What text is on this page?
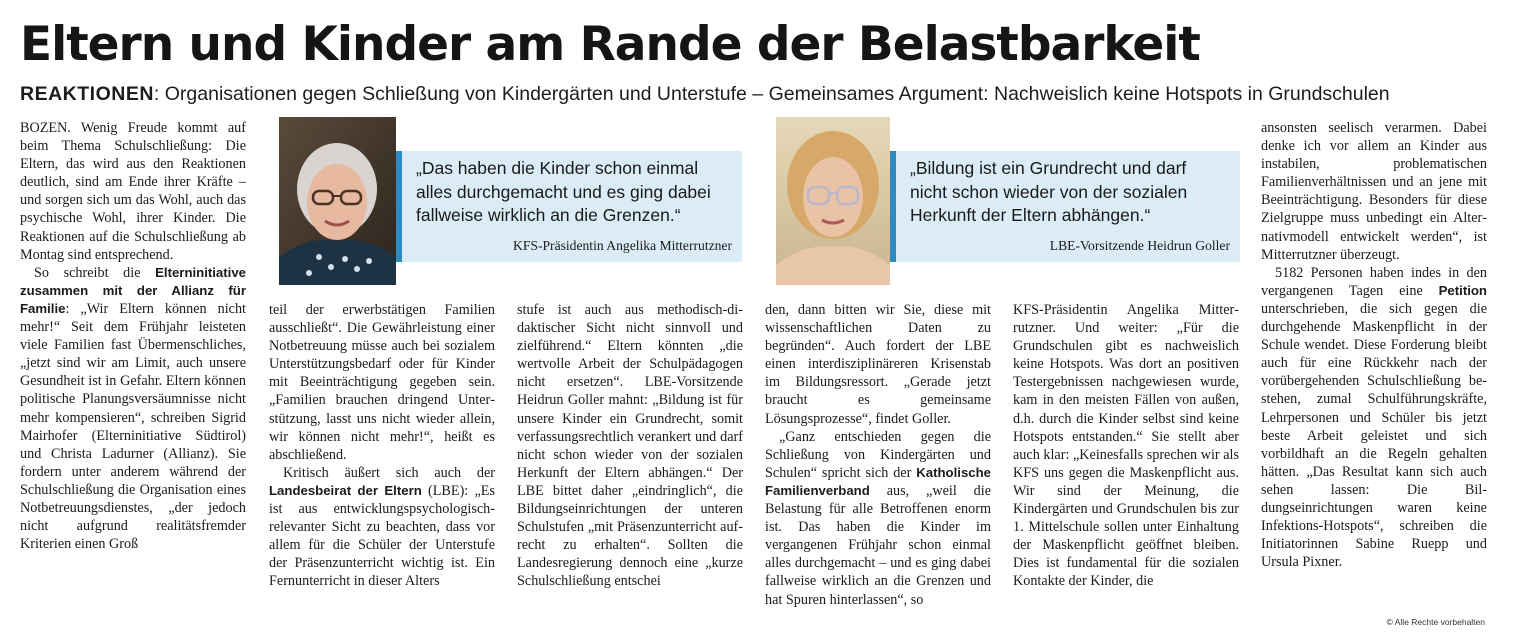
Eltern und Kinder am Rande der Belastbarkeit

REAKTIONEN: Organisationen gegen Schließung von Kindergärten und Unterstufe – Gemeinsames Argument: Nachweislich keine Hotspots in Grundschulen

BOZEN. Wenig Freude kommt auf beim Thema Schulschließung: Die Eltern, das wird aus den Reaktionen deutlich, sind am Ende ihrer Kräfte – und sorgen sich um das Wohl, auch das psychische Wohl, ihrer Kinder. Die Reaktionen auf die Schulschließung ab Montag sind entsprechend.

So schreibt die Elterninitiative zusammen mit der Allianz für Familie: „Wir Eltern können nicht mehr!“ Seit dem Frühjahr leisteten viele Familien fast Übermenschliches, „jetzt sind wir am Limit, auch unsere Gesundheit ist in Gefahr. Eltern können politische Planungsversäumnisse nicht mehr kompensieren“, schreiben Sigrid Mairhofer (Elterninitiative Südtirol) und Christa Ladurner (Allianz). Sie fordern unter anderem während der Schulschließung die Organisation eines Notbetreuungsdienstes, „der jedoch nicht aufgrund realitätsfremder Kriterien einen Groß

„Das haben die Kinder schon einmal alles durchgemacht und es ging dabei fallweise wirklich an die Grenzen.“

KFS-Präsidentin Angelika Mitterrutzner

„Bildung ist ein Grundrecht und darf nicht schon wieder von der sozialen Herkunft der Eltern abhängen.“

LBE-Vorsitzende Heidrun Goller

teil der erwerbstätigen Familien ausschließt“. Die Gewährleistung einer Notbetreuung müsse auch bei sozialem Unterstützungsbedarf oder für Kinder mit Beeinträchtigung gegeben sein. „Familien brauchen dringend Unterstützung, lasst uns nicht wieder allein, wir können nicht mehr!“, heißt es abschließend.

Kritisch äußert sich auch der Landesbeirat der Eltern (LBE): „Es ist aus entwicklungspsychologisch-relevanter Sicht zu beachten, dass vor allem für die Schüler der Unterstufe der Präsenzunterricht wichtig ist. Ein Fernunterricht in dieser Alters

stufe ist auch aus methodisch-didaktischer Sicht nicht sinnvoll und zielführend.“ Eltern könnten „die wertvolle Arbeit der Schulpädagogen nicht ersetzen“. LBE-Vorsitzende Heidrun Goller mahnt: „Bildung ist für unsere Kinder ein Grundrecht, somit verfassungsrechtlich verankert und darf nicht schon wieder von der sozialen Herkunft der Eltern abhängen.“ Der LBE bittet daher „eindringlich“, die Bildungseinrichtungen der unteren Schulstufen „mit Präsenzunterricht aufrecht zu erhalten“. Sollten die Landesregierung dennoch eine „kurze Schulschließung entschei

den, dann bitten wir Sie, diese mit wissenschaftlichen Daten zu begründen“. Auch fordert der LBE einen interdisziplinäreren Krisenstab im Bildungsressort. „Gerade jetzt braucht es gemeinsame Lösungsprozesse“, findet Goller.

„Ganz entschieden gegen die Schließung von Kindergärten und Schulen“ spricht sich der Katholische Familienverband aus, „weil die Belastung für alle Betroffenen enorm ist. Das haben die Kinder im vergangenen Frühjahr schon einmal alles durchgemacht – und es ging dabei fallweise wirklich an die Grenzen und hat Spuren hinterlassen“, so

KFS-Präsidentin Angelika Mitterrutzner. Und weiter: „Für die Grundschulen gibt es nachweislich keine Hotspots. Was dort an positiven Testergebnissen nachgewiesen wurde, kam in den meisten Fällen von außen, d.h. durch die Kinder selbst sind keine Hotspots entstanden.“ Sie stellt aber auch klar: „Keinesfalls sprechen wir als KFS uns gegen die Maskenpflicht aus. Wir sind der Meinung, die Kindergärten und Grundschulen bis zur 1. Mittelschule sollen unter Einhaltung der Maskenpflicht geöffnet bleiben. Dies ist fundamental für die sozialen Kontakte der Kinder, die

ansonsten seelisch verarmen. Dabei denke ich vor allem an Kinder aus instabilen, problematischen Familienverhältnissen und an jene mit Beeinträchtigung. Besonders für diese Zielgruppe muss unbedingt ein Alternativmodell entwickelt werden“, ist Mitterrutzner überzeugt.

5182 Personen haben indes in den vergangenen Tagen eine Petition unterschrieben, die sich gegen die durchgehende Maskenpflicht in der Schule wendet. Diese Forderung bleibt auch für eine Rückkehr nach der vorübergehenden Schulschließung bestehen, zumal Schulführungskräfte, Lehrpersonen und Schüler bis jetzt beste Arbeit geleistet und sich vorbildhaft an die Regeln gehalten hätten. „Das Resultat kann sich auch sehen lassen: Die Bildungseinrichtungen waren keine Infektions-Hotspots“, schreiben die Initiatorinnen Sabine Ruepp und Ursula Pixner.

© Alle Rechte vorbehalten
